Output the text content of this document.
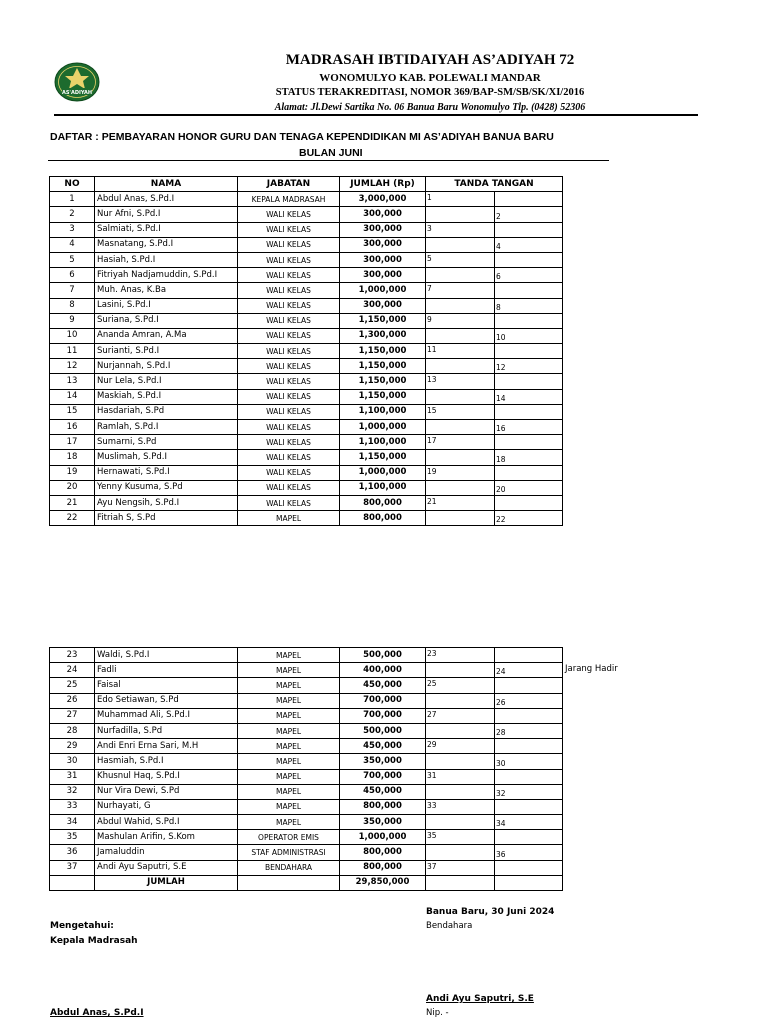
AS'ADIYAH
MADRASAH IBTIDAIYAH AS’ADIYAH 72
WONOMULYO KAB. POLEWALI MANDAR
STATUS TERAKREDITASI, NOMOR 369/BAP-SM/SB/SK/XI/2016
Alamat: Jl.Dewi Sartika No. 06 Banua Baru Wonomulyo Tlp. (0428) 52306
DAFTAR : PEMBAYARAN HONOR GURU DAN TENAGA KEPENDIDIKAN MI AS’ADIYAH BANUA BARU
BULAN JUNI
NO	NAMA	JABATAN	JUMLAH (Rp)	TANDA TANGAN	
1	Abdul Anas, S.Pd.I	KEPALA MADRASAH	3,000,000	1	
2	Nur Afni, S.Pd.I	WALI KELAS	300,000		2
3	Salmiati, S.Pd.I	WALI KELAS	300,000	3	
4	Masnatang, S.Pd.I	WALI KELAS	300,000		4
5	Hasiah, S.Pd.I	WALI KELAS	300,000	5	
6	Fitriyah Nadjamuddin, S.Pd.I	WALI KELAS	300,000		6
7	Muh. Anas, K.Ba	WALI KELAS	1,000,000	7	
8	Lasini, S.Pd.I	WALI KELAS	300,000		8
9	Suriana, S.Pd.I	WALI KELAS	1,150,000	9	
10	Ananda Amran, A.Ma	WALI KELAS	1,300,000		10
11	Surianti, S.Pd.I	WALI KELAS	1,150,000	11	
12	Nurjannah, S.Pd.I	WALI KELAS	1,150,000		12
13	Nur Lela, S.Pd.I	WALI KELAS	1,150,000	13	
14	Maskiah, S.Pd.I	WALI KELAS	1,150,000		14
15	Hasdariah, S.Pd	WALI KELAS	1,100,000	15	
16	Ramlah, S.Pd.I	WALI KELAS	1,000,000		16
17	Sumarni, S.Pd	WALI KELAS	1,100,000	17	
18	Muslimah, S.Pd.I	WALI KELAS	1,150,000		18
19	Hernawati, S.Pd.I	WALI KELAS	1,000,000	19	
20	Yenny Kusuma, S.Pd	WALI KELAS	1,100,000		20
21	Ayu Nengsih, S.Pd.I	WALI KELAS	800,000	21	
22	Fitriah S, S.Pd	MAPEL	800,000		22
23	Waldi, S.Pd.I	MAPEL	500,000	23	
24	Fadli	MAPEL	400,000		24
25	Faisal	MAPEL	450,000	25	
26	Edo Setiawan, S.Pd	MAPEL	700,000		26
27	Muhammad Ali, S.Pd.I	MAPEL	700,000	27	
28	Nurfadilla, S.Pd	MAPEL	500,000		28
29	Andi Enri Erna Sari, M.H	MAPEL	450,000	29	
30	Hasmiah, S.Pd.I	MAPEL	350,000		30
31	Khusnul Haq, S.Pd.I	MAPEL	700,000	31	
32	Nur Vira Dewi, S.Pd	MAPEL	450,000		32
33	Nurhayati, G	MAPEL	800,000	33	
34	Abdul Wahid, S.Pd.I	MAPEL	350,000		34
35	Mashulan Arifin, S.Kom	OPERATOR EMIS	1,000,000	35	
36	Jamaluddin	STAF ADMINISTRASI	800,000		36
37	Andi Ayu Saputri, S.E	BENDAHARA	800,000	37	
	JUMLAH		29,850,000		
Jarang Hadir
Banua Baru, 30 Juni 2024
Bendahara
Mengetahui:
Kepala Madrasah
Andi Ayu Saputri, S.E
Nip. -
Abdul Anas, S.Pd.I
